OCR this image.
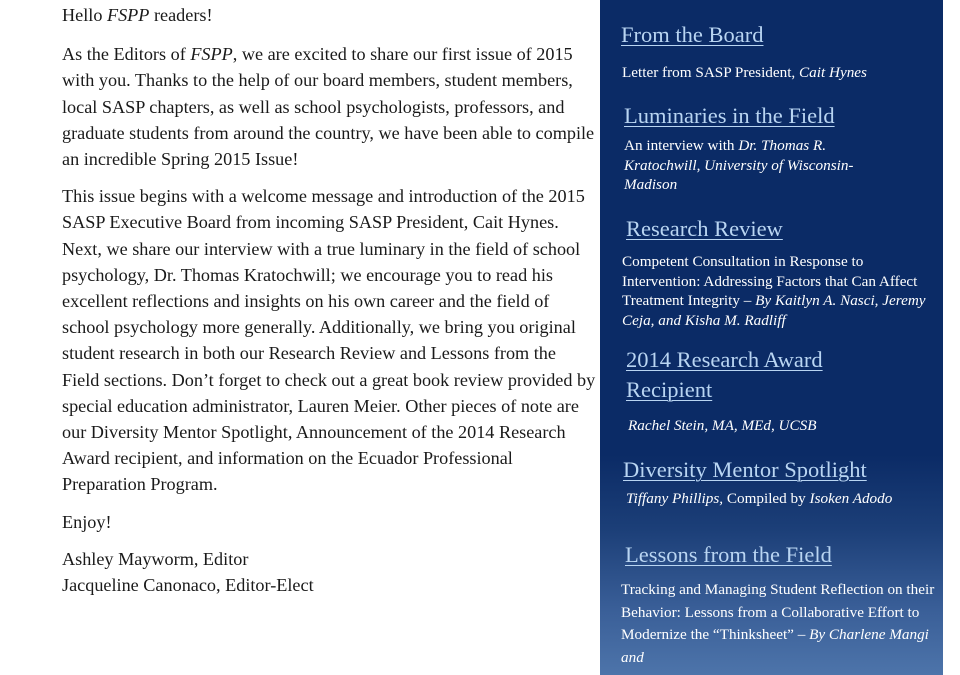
Hello FSPP readers!

As the Editors of FSPP, we are excited to share our first issue of 2015 with you. Thanks to the help of our board members, student members, local SASP chapters, as well as school psychologists, professors, and graduate students from around the country, we have been able to compile an incredible Spring 2015 Issue!

This issue begins with a welcome message and introduction of the 2015 SASP Executive Board from incoming SASP President, Cait Hynes. Next, we share our interview with a true luminary in the field of school psychology, Dr. Thomas Kratochwill; we encourage you to read his excellent reflections and insights on his own career and the field of school psychology more generally. Additionally, we bring you original student research in both our Research Review and Lessons from the Field sections. Don’t forget to check out a great book review provided by special education administrator, Lauren Meier. Other pieces of note are our Diversity Mentor Spotlight, Announcement of the 2014 Research Award recipient, and information on the Ecuador Professional Preparation Program.

Enjoy!

Ashley Mayworm, Editor

Jacqueline Canonaco, Editor-Elect

From the Board
Letter from SASP President, Cait Hynes
Luminaries in the Field
An interview with Dr. Thomas R. Kratochwill, University of Wisconsin-Madison
Research Review
Competent Consultation in Response to Intervention: Addressing Factors that Can Affect Treatment Integrity – By Kaitlyn A. Nasci, Jeremy Ceja, and Kisha M. Radliff
2014 Research Award Recipient
Rachel Stein, MA, MEd, UCSB
Diversity Mentor Spotlight
Tiffany Phillips, Compiled by Isoken Adodo
Lessons from the Field
Tracking and Managing Student Reflection on their Behavior: Lessons from a Collaborative Effort to Modernize the “Thinksheet” – By Charlene Mangi and
